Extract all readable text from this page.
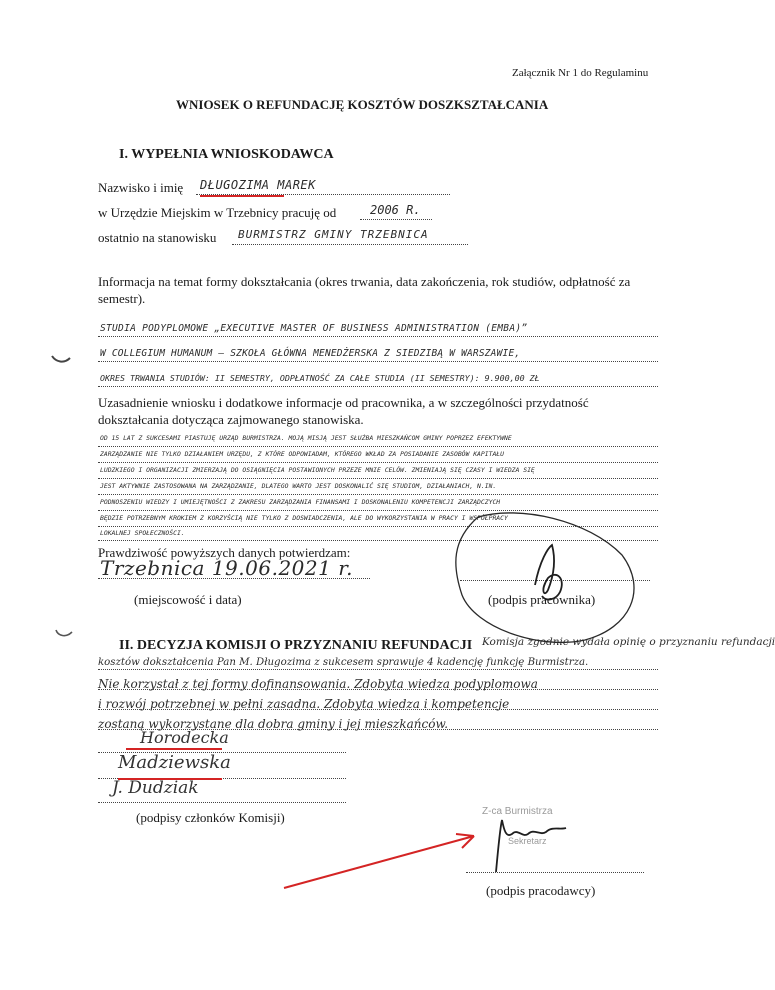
Załącznik Nr 1 do Regulaminu
WNIOSEK O REFUNDACJĘ KOSZTÓW DOSZKSZTAŁCANIA
I. WYPEŁNIA WNIOSKODAWCA
Nazwisko i imię DŁUGOZIMA MAREK
w Urzędzie Miejskim w Trzebnicy pracuję od	2006 R.
ostatnio na stanowisku BURMISTRZ GMINY TRZEBNICA
Informacja na temat formy dokształcania (okres trwania, data zakończenia, rok studiów, odpłatność za semestr).
STUDIA PODYPLOMOWE „EXECUTIVE MASTER OF BUSINESS ADMINISTRATION (EMBA)”
W COLLEGIUM HUMANUM – SZKOŁA GŁÓWNA MENEDŻERSKA Z SIEDZIBĄ W WARSZAWIE,
OKRES TRWANIA STUDIÓW: II SEMESTRY, ODPŁATNOŚĆ ZA CAŁE STUDIA (II SEMESTRY): 9.900,00 ZŁ
Uzasadnienie wniosku i dodatkowe informacje od pracownika, a w szczególności przydatność dokształcania dotycząca zajmowanego stanowiska.
OD 15 LAT Z SUKCESAMI PIASTUJĘ URZĄD BURMISTRZA. MOJĄ MISJĄ JEST SŁUŻBA MIESZKAŃCOM GMINY POPRZEZ EFEKTYWNE
ZARZĄDZANIE NIE TYLKO DZIAŁANIEM URZĘDU, Z KTÓRE ODPOWIADAM, KTÓREGO WKŁAD ZA POSIADANIE ZASOBÓW KAPITAŁU
LUDZKIEGO I ORGANIZACJI ZMIERZAJĄ DO OSIĄGNIĘCIA POSTAWIONYCH PRZEZE MNIE CELÓW. ZMIENIAJĄ SIĘ CZASY I WIEDZA SIĘ
JEST AKTYWNIE ZASTOSOWANA NA ZARZĄDZANIE, DLATEGO WARTO JEST DOSKONALIĆ SIĘ STUDIOM, DZIAŁANIACH, N.IN.
PODNOSZENIU WIEDZY I UMIEJĘTNOŚCI Z ZAKRESU ZARZĄDZANIA FINANSAMI I DOSKONALENIU KOMPETENCJI ZARZĄDCZYCH
BĘDZIE POTRZEBNYM KROKIEM Z KORZYŚCIĄ NIE TYLKO Z DOSWIADCZENIA, ALE DO WYKORZYSTANIA W PRACY I WSPÓŁPRACY
LOKALNEJ SPOŁECZNOŚCI.
Prawdziwość powyższych danych potwierdzam:
Trzebnica 19.06.2021 r.
(miejscowość i data)	(podpis pracownika)
II. DECYZJA KOMISJI O PRZYZNANIU REFUNDACJI Komisja zgodnie wydała opinię o przyznaniu refundacji
kosztów dokształcenia Pan M. Długozima z sukcesem sprawuje 4 kadencję funkcję Burmistrza.
Nie korzystał z tej formy dofinansowania. Zdobyta wiedza podyplomowa
i rozwój potrzebnej w pełni zasadna. Zdobyta wiedza i kompetencje
zostaną wykorzystane dla dobra gminy i jej mieszkańców.
Horodecka
Madziewska
J. Dudziak
(podpisy członków Komisji)	Z-ca Burmistrza
Sekretarz
(podpis pracodawcy)
